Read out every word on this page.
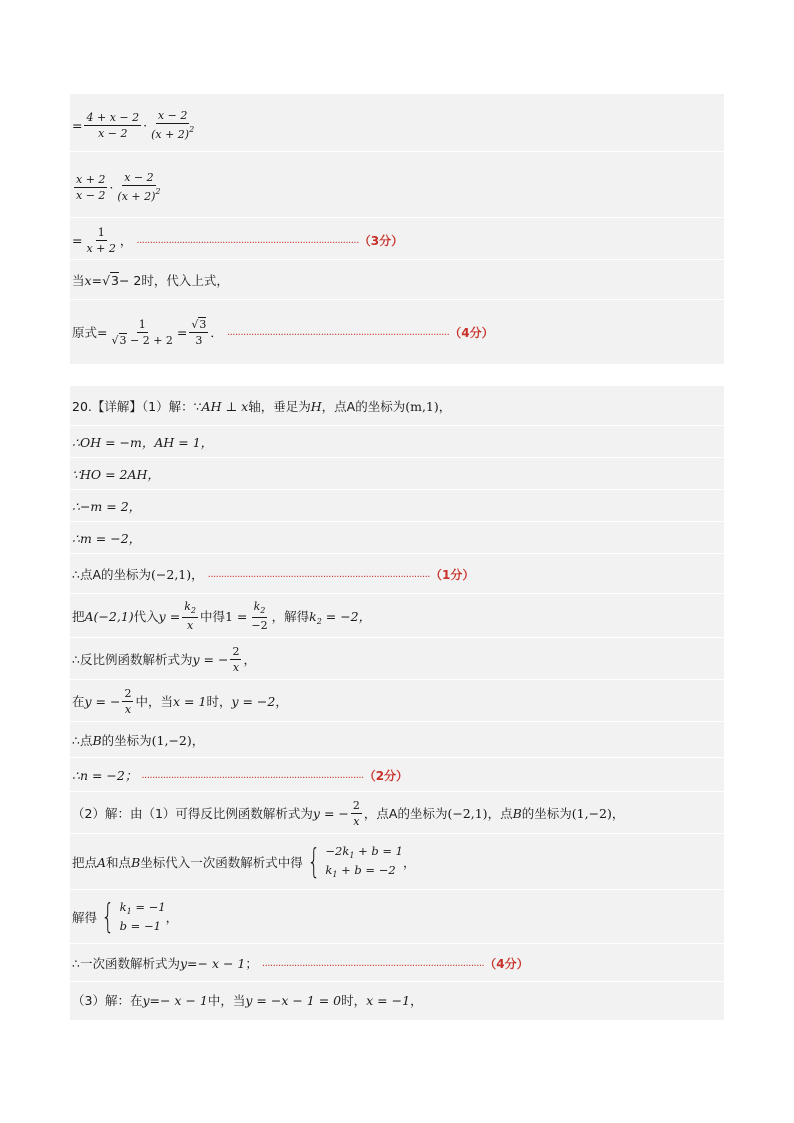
= $\frac{4 + x - 2}{x - 2} \cdot \frac{x - 2}{(x + 2)^2}$
$\frac{x + 2}{x - 2} \cdot \frac{x - 2}{(x + 2)^2}$
= $\frac{1}{x + 2}$ ， ................................................................................... （3分）
当 x = √ 3 − 2时，代入上式，
原式= $\frac{1}{√3 - 2 + 2} = \frac{√3}{3}$ ． ................................................................................... （4分）
20.【详解】（1）解：∵ AH ⊥ x 轴，垂足为 H ，点A的坐标为 (m,1) ，
∴OH = −m，AH = 1，
∵HO = 2AH，
∴−m = 2，
∴m = −2，
∴点A的坐标为 (−2,1) ， ................................................................................... （1分）
把 A(−2,1) 代入 $y = \frac{k_2}{x}$ 中得 $1 = \frac{k_2}{-2}$ ，解得 $k_2 = -2$，
∴反比例函数解析式为 y = − $\frac{2}{x}$ ，
在 y = − $\frac{2}{x}$ 中，当 x = 1 时， y = −2 ，
∴点 B 的坐标为 (1,−2) ，
∴n = −2； ................................................................................... （2分）
（2）解：由（1）可得反比例函数解析式为 y = − $\frac{2}{x}$ ，点A的坐标为 (−2,1) ，点 B 的坐标为 (1,−2) ，
把点 A 和点 B 坐标代入一次函数解析式中得 { $-2k_1 + b = 1$
$k_1 + b = -2$ ，
解得 { $k_1 = -1$
b = −1
，
∴一次函数解析式为 y=− x − 1 ； ................................................................................... （4分）
（3）解：在 y=− x − 1 中，当 y = −x − 1 = 0 时， x = −1 ，
